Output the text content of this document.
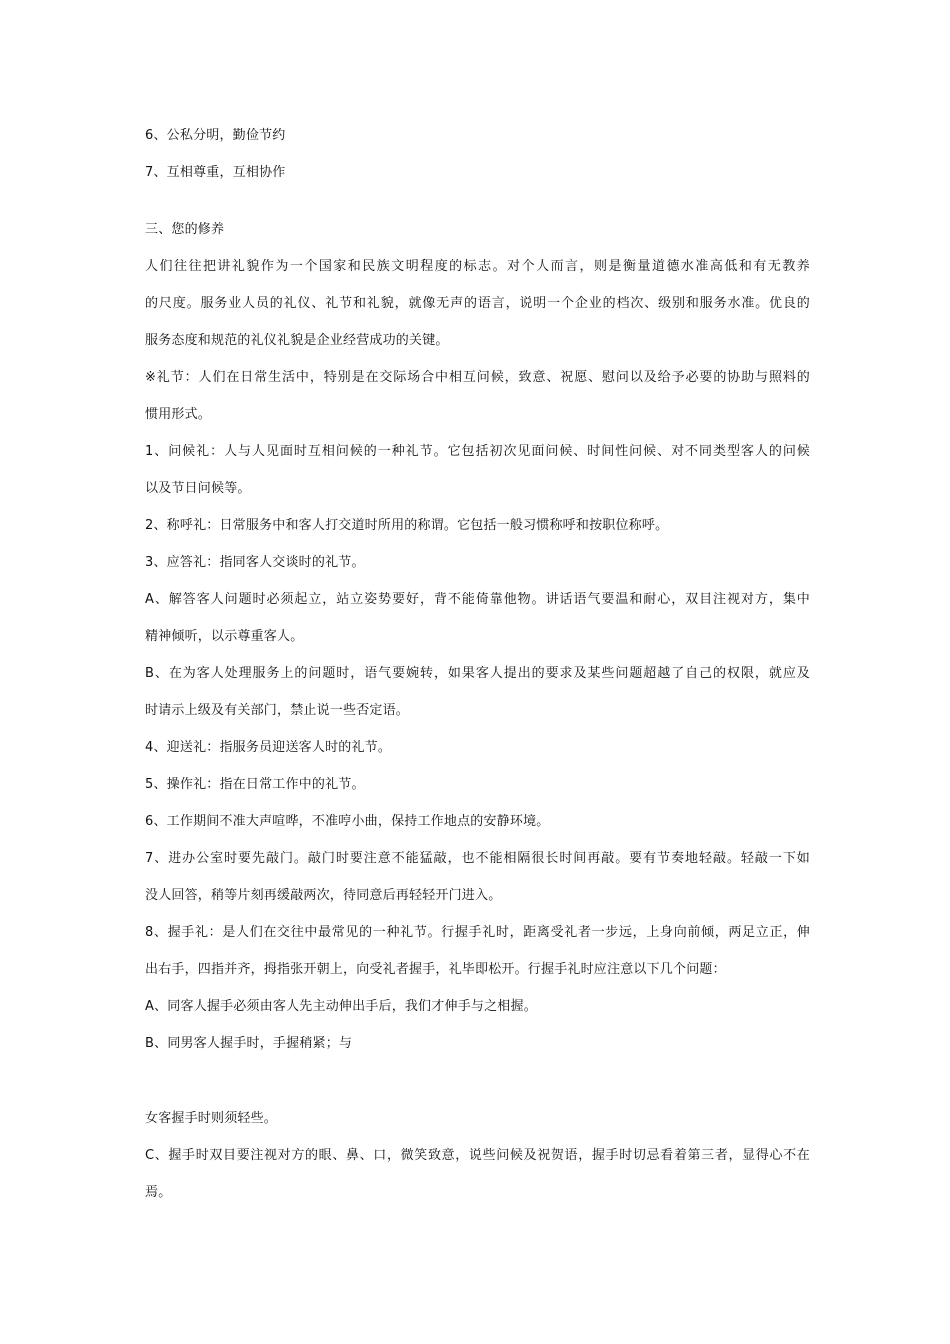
6、公私分明，勤俭节约
7、互相尊重，互相协作
三、您的修养
人们往往把讲礼貌作为一个国家和民族文明程度的标志。对个人而言，则是衡量道德水准高低和有无教养
的尺度。服务业人员的礼仪、礼节和礼貌，就像无声的语言，说明一个企业的档次、级别和服务水准。优良的
服务态度和规范的礼仪礼貌是企业经营成功的关键。
※礼节：人们在日常生活中，特别是在交际场合中相互问候，致意、祝愿、慰问以及给予必要的协助与照料的
惯用形式。
1、问候礼：人与人见面时互相问候的一种礼节。它包括初次见面问候、时间性问候、对不同类型客人的问候
以及节日问候等。
2、称呼礼：日常服务中和客人打交道时所用的称谓。它包括一般习惯称呼和按职位称呼。
3、应答礼：指同客人交谈时的礼节。
A、解答客人问题时必须起立，站立姿势要好，背不能倚靠他物。讲话语气要温和耐心，双目注视对方，集中
精神倾听，以示尊重客人。
B、在为客人处理服务上的问题时，语气要婉转，如果客人提出的要求及某些问题超越了自己的权限，就应及
时请示上级及有关部门，禁止说一些否定语。
4、迎送礼：指服务员迎送客人时的礼节。
5、操作礼：指在日常工作中的礼节。
6、工作期间不准大声喧哗，不准哼小曲，保持工作地点的安静环境。
7、进办公室时要先敲门。敲门时要注意不能猛敲，也不能相隔很长时间再敲。要有节奏地轻敲。轻敲一下如
没人回答，稍等片刻再缓敲两次，待同意后再轻轻开门进入。
8、握手礼：是人们在交往中最常见的一种礼节。行握手礼时，距离受礼者一步远，上身向前倾，两足立正，伸
出右手，四指并齐，拇指张开朝上，向受礼者握手，礼毕即松开。行握手礼时应注意以下几个问题：
A、同客人握手必须由客人先主动伸出手后，我们才伸手与之相握。
B、同男客人握手时，手握稍紧；与
女客握手时则须轻些。
C、握手时双目要注视对方的眼、鼻、口，微笑致意，说些问候及祝贺语，握手时切忌看着第三者，显得心不在
焉。
